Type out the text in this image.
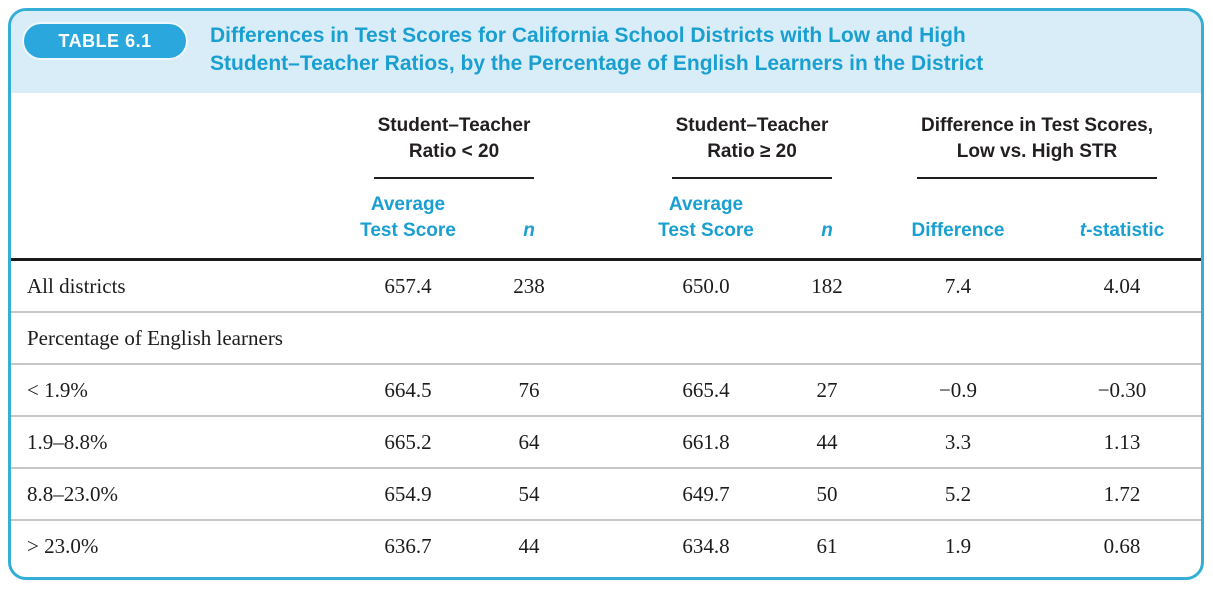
TABLE 6.1	Differences in Test Scores for California School Districts with Low and High
Student–Teacher Ratios, by the Percentage of English Learners in the District

Student–Teacher
Ratio < 20

Student–Teacher
Ratio ≥ 20

Difference in Test Scores,
Low vs. High STR

Average
Test Score	n		
Average
Test Score	n	Difference	t-statistic
All districts	657.4	238		650.0	182	7.4	4.04
Percentage of English learners							
< 1.9%	664.5	76		665.4	27	−0.9	−0.30
1.9–8.8%	665.2	64		661.8	44	3.3	1.13
8.8–23.0%	654.9	54		649.7	50	5.2	1.72
> 23.0%	636.7	44		634.8	61	1.9	0.68
